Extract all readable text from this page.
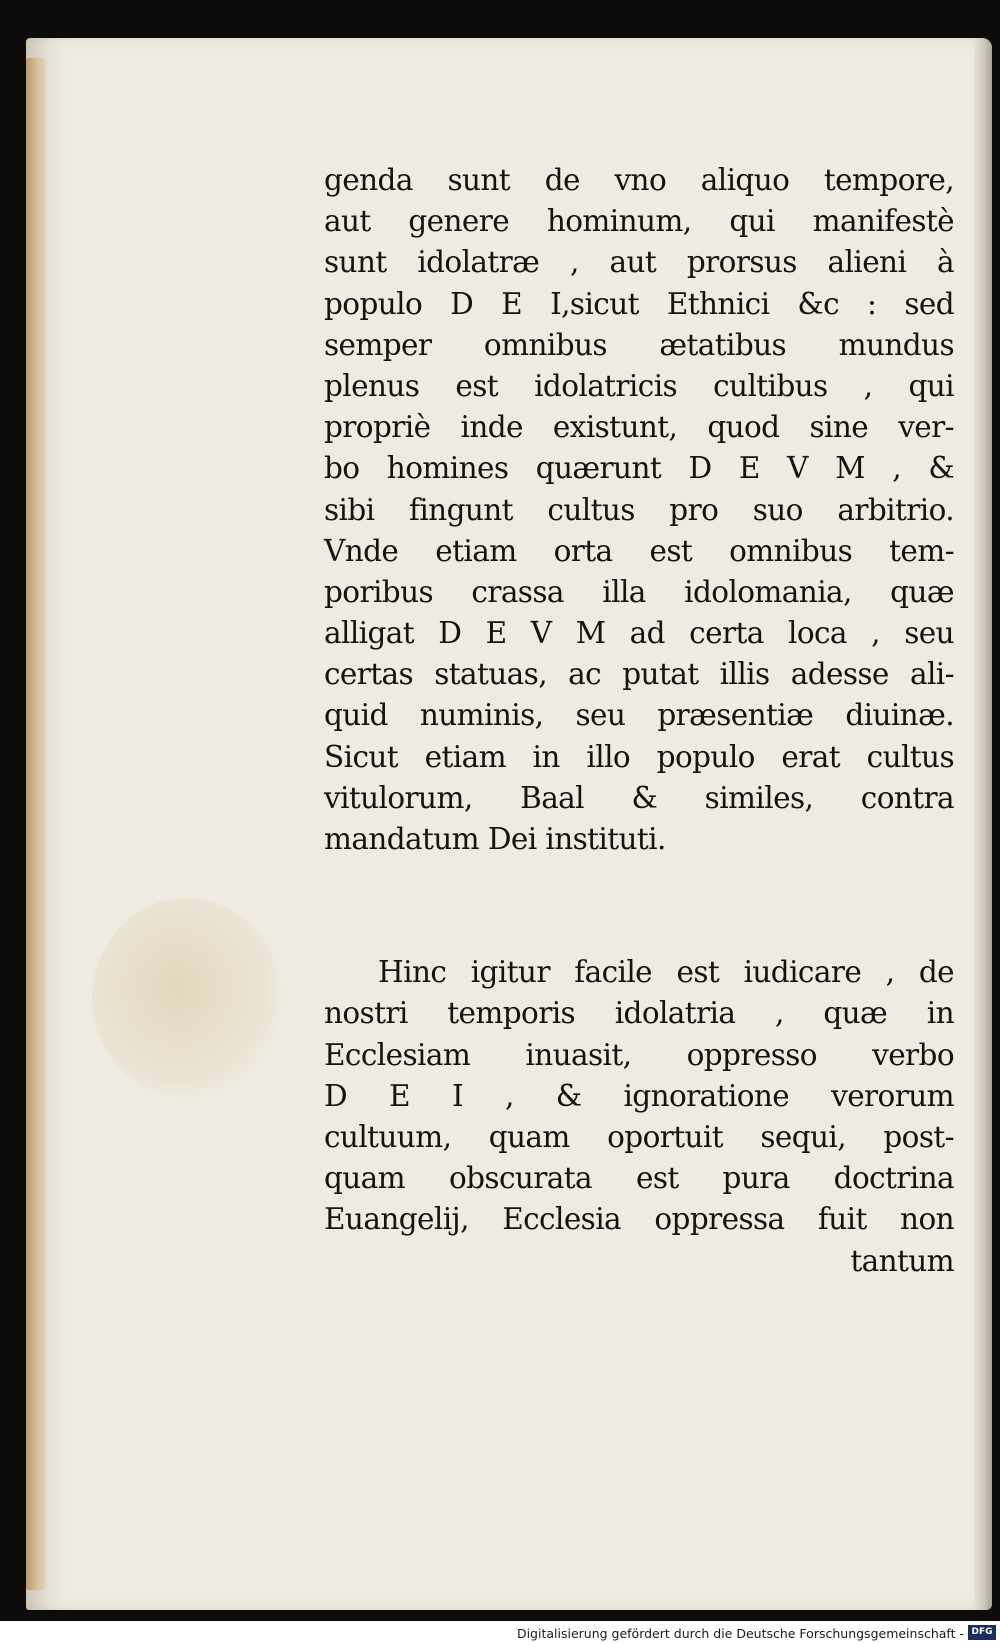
genda sunt de vno aliquo tempore,
aut genere hominum, qui manifestè
sunt idolatræ , aut prorsus alieni à
populo D E I,sicut Ethnici &c : sed
semper omnibus ætatibus mundus
plenus est idolatricis cultibus , qui
propriè inde existunt, quod sine ver-
bo homines quærunt D E V M , &
sibi fingunt cultus pro suo arbitrio.
Vnde etiam orta est omnibus tem-
poribus crassa illa idolomania, quæ
alligat D E V M ad certa loca , seu
certas statuas, ac putat illis adesse ali-
quid numinis, seu præsentiæ diuinæ.
Sicut etiam in illo populo erat cultus
vitulorum, Baal & similes, contra
mandatum Dei instituti.
Hinc igitur facile est iudicare , de
nostri temporis idolatria , quæ in
Ecclesiam inuasit, oppresso verbo
D E I , & ignoratione verorum
cultuum, quam oportuit sequi, post-
quam obscurata est pura doctrina
Euangelij, Ecclesia oppressa fuit non
tantum
Digitalisierung gefördert durch die Deutsche Forschungsgemeinschaft - DFG
